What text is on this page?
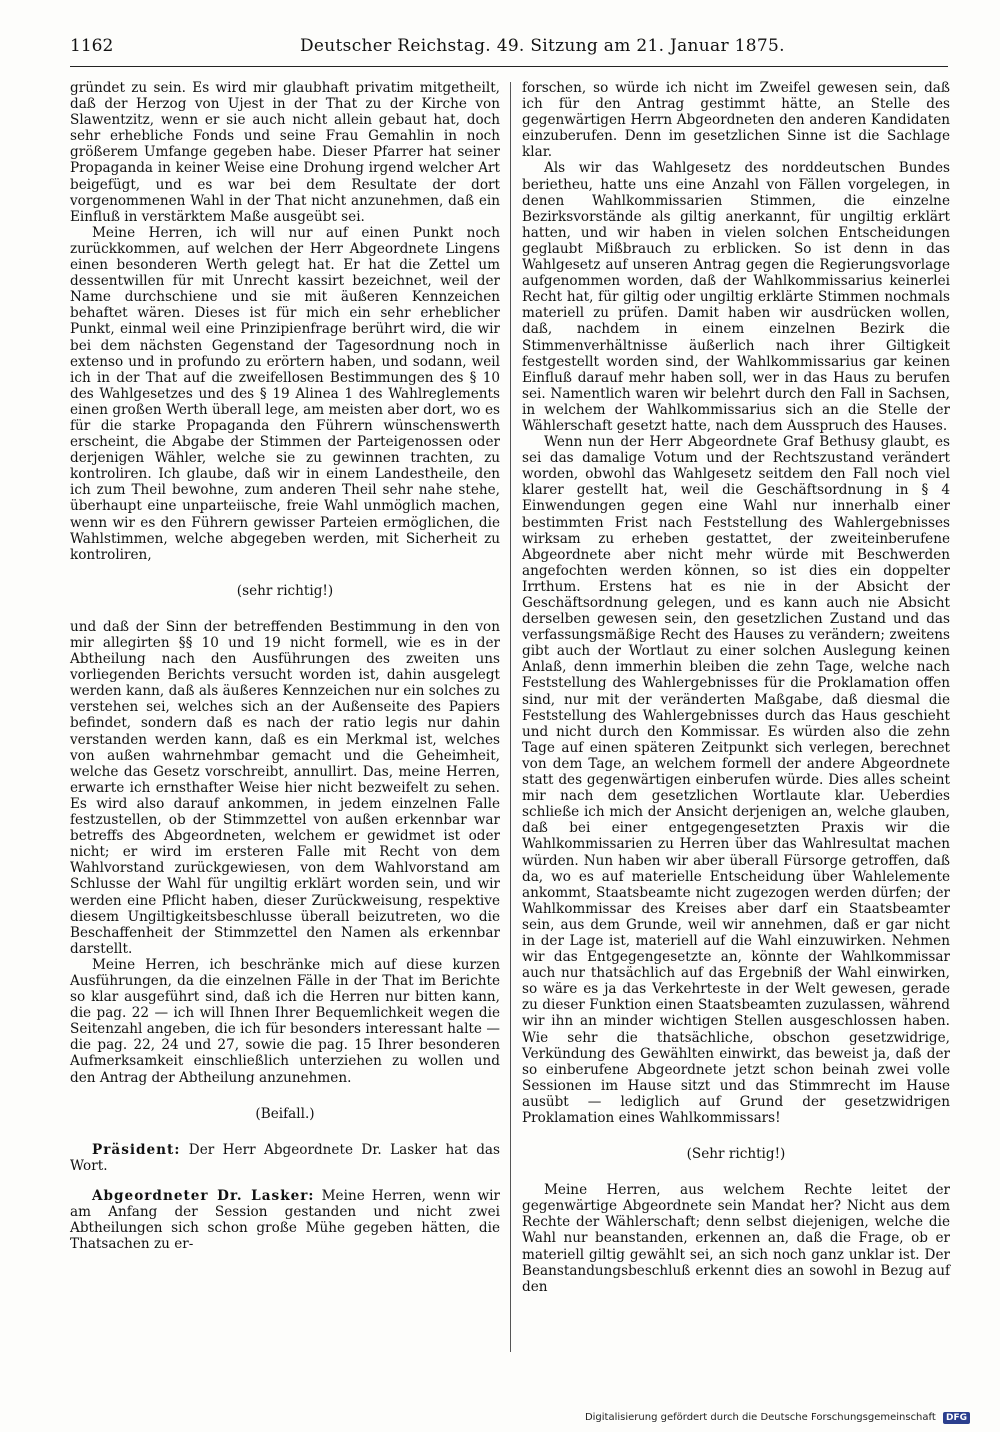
1162	Deutscher Reichstag. 49. Sitzung am 21. Januar 1875.

gründet zu sein. Es wird mir glaubhaft privatim mitgetheilt, daß der Herzog von Ujest in der That zu der Kirche von Slawentzitz, wenn er sie auch nicht allein gebaut hat, doch sehr erhebliche Fonds und seine Frau Gemahlin in noch größerem Umfange gegeben habe. Dieser Pfarrer hat seiner Propaganda in keiner Weise eine Drohung irgend welcher Art beigefügt, und es war bei dem Resultate der dort vorgenommenen Wahl in der That nicht anzunehmen, daß ein Einfluß in verstärktem Maße ausgeübt sei.

Meine Herren, ich will nur auf einen Punkt noch zurückkommen, auf welchen der Herr Abgeordnete Lingens einen besonderen Werth gelegt hat. Er hat die Zettel um dessentwillen für mit Unrecht kassirt bezeichnet, weil der Name durchschiene und sie mit äußeren Kennzeichen behaftet wären. Dieses ist für mich ein sehr erheblicher Punkt, einmal weil eine Prinzipienfrage berührt wird, die wir bei dem nächsten Gegenstand der Tagesordnung noch in extenso und in profundo zu erörtern haben, und sodann, weil ich in der That auf die zweifellosen Bestimmungen des § 10 des Wahlgesetzes und des § 19 Alinea 1 des Wahlreglements einen großen Werth überall lege, am meisten aber dort, wo es für die starke Propaganda den Führern wünschenswerth erscheint, die Abgabe der Stimmen der Parteigenossen oder derjenigen Wähler, welche sie zu gewinnen trachten, zu kontroliren. Ich glaube, daß wir in einem Landestheile, den ich zum Theil bewohne, zum anderen Theil sehr nahe stehe, überhaupt eine unparteiische, freie Wahl unmöglich machen, wenn wir es den Führern gewisser Parteien ermöglichen, die Wahlstimmen, welche abgegeben werden, mit Sicherheit zu kontroliren,

(sehr richtig!)

und daß der Sinn der betreffenden Bestimmung in den von mir allegirten §§ 10 und 19 nicht formell, wie es in der Abtheilung nach den Ausführungen des zweiten uns vorliegenden Berichts versucht worden ist, dahin ausgelegt werden kann, daß als äußeres Kennzeichen nur ein solches zu verstehen sei, welches sich an der Außenseite des Papiers befindet, sondern daß es nach der ratio legis nur dahin verstanden werden kann, daß es ein Merkmal ist, welches von außen wahrnehmbar gemacht und die Geheimheit, welche das Gesetz vorschreibt, annullirt. Das, meine Herren, erwarte ich ernsthafter Weise hier nicht bezweifelt zu sehen. Es wird also darauf ankommen, in jedem einzelnen Falle festzustellen, ob der Stimmzettel von außen erkennbar war betreffs des Abgeordneten, welchem er gewidmet ist oder nicht; er wird im ersteren Falle mit Recht von dem Wahlvorstand zurückgewiesen, von dem Wahlvorstand am Schlusse der Wahl für ungiltig erklärt worden sein, und wir werden eine Pflicht haben, dieser Zurückweisung, respektive diesem Ungiltigkeitsbeschlusse überall beizutreten, wo die Beschaffenheit der Stimmzettel den Namen als erkennbar darstellt.

Meine Herren, ich beschränke mich auf diese kurzen Ausführungen, da die einzelnen Fälle in der That im Berichte so klar ausgeführt sind, daß ich die Herren nur bitten kann, die pag. 22 — ich will Ihnen Ihrer Bequemlichkeit wegen die Seitenzahl angeben, die ich für besonders interessant halte — die pag. 22, 24 und 27, sowie die pag. 15 Ihrer besonderen Aufmerksamkeit einschließlich unterziehen zu wollen und den Antrag der Abtheilung anzunehmen.

(Beifall.)

Präsident: Der Herr Abgeordnete Dr. Lasker hat das Wort.

Abgeordneter Dr. Lasker: Meine Herren, wenn wir am Anfang der Session gestanden und nicht zwei Abtheilungen sich schon große Mühe gegeben hätten, die Thatsachen zu er-

forschen, so würde ich nicht im Zweifel gewesen sein, daß ich für den Antrag gestimmt hätte, an Stelle des gegenwärtigen Herrn Abgeordneten den anderen Kandidaten einzuberufen. Denn im gesetzlichen Sinne ist die Sachlage klar.

Als wir das Wahlgesetz des norddeutschen Bundes berietheu, hatte uns eine Anzahl von Fällen vorgelegen, in denen Wahlkommissarien Stimmen, die einzelne Bezirksvorstände als giltig anerkannt, für ungiltig erklärt hatten, und wir haben in vielen solchen Entscheidungen geglaubt Mißbrauch zu erblicken. So ist denn in das Wahlgesetz auf unseren Antrag gegen die Regierungsvorlage aufgenommen worden, daß der Wahlkommissarius keinerlei Recht hat, für giltig oder ungiltig erklärte Stimmen nochmals materiell zu prüfen. Damit haben wir ausdrücken wollen, daß, nachdem in einem einzelnen Bezirk die Stimmenverhältnisse äußerlich nach ihrer Giltigkeit festgestellt worden sind, der Wahlkommissarius gar keinen Einfluß darauf mehr haben soll, wer in das Haus zu berufen sei. Namentlich waren wir belehrt durch den Fall in Sachsen, in welchem der Wahlkommissarius sich an die Stelle der Wählerschaft gesetzt hatte, nach dem Ausspruch des Hauses.

Wenn nun der Herr Abgeordnete Graf Bethusy glaubt, es sei das damalige Votum und der Rechtszustand verändert worden, obwohl das Wahlgesetz seitdem den Fall noch viel klarer gestellt hat, weil die Geschäftsordnung in § 4 Einwendungen gegen eine Wahl nur innerhalb einer bestimmten Frist nach Feststellung des Wahlergebnisses wirksam zu erheben gestattet, der zweiteinberufene Abgeordnete aber nicht mehr würde mit Beschwerden angefochten werden können, so ist dies ein doppelter Irrthum. Erstens hat es nie in der Absicht der Geschäftsordnung gelegen, und es kann auch nie Absicht derselben gewesen sein, den gesetzlichen Zustand und das verfassungsmäßige Recht des Hauses zu verändern; zweitens gibt auch der Wortlaut zu einer solchen Auslegung keinen Anlaß, denn immerhin bleiben die zehn Tage, welche nach Feststellung des Wahlergebnisses für die Proklamation offen sind, nur mit der veränderten Maßgabe, daß diesmal die Feststellung des Wahlergebnisses durch das Haus geschieht und nicht durch den Kommissar. Es würden also die zehn Tage auf einen späteren Zeitpunkt sich verlegen, berechnet von dem Tage, an welchem formell der andere Abgeordnete statt des gegenwärtigen einberufen würde. Dies alles scheint mir nach dem gesetzlichen Wortlaute klar. Ueberdies schließe ich mich der Ansicht derjenigen an, welche glauben, daß bei einer entgegengesetzten Praxis wir die Wahlkommissarien zu Herren über das Wahlresultat machen würden. Nun haben wir aber überall Fürsorge getroffen, daß da, wo es auf materielle Entscheidung über Wahlelemente ankommt, Staatsbeamte nicht zugezogen werden dürfen; der Wahlkommissar des Kreises aber darf ein Staatsbeamter sein, aus dem Grunde, weil wir annehmen, daß er gar nicht in der Lage ist, materiell auf die Wahl einzuwirken. Nehmen wir das Entgegengesetzte an, könnte der Wahlkommissar auch nur thatsächlich auf das Ergebniß der Wahl einwirken, so wäre es ja das Verkehrteste in der Welt gewesen, gerade zu dieser Funktion einen Staatsbeamten zuzulassen, während wir ihn an minder wichtigen Stellen ausgeschlossen haben. Wie sehr die thatsächliche, obschon gesetzwidrige, Verkündung des Gewählten einwirkt, das beweist ja, daß der so einberufene Abgeordnete jetzt schon beinah zwei volle Sessionen im Hause sitzt und das Stimmrecht im Hause ausübt — lediglich auf Grund der gesetzwidrigen Proklamation eines Wahlkommissars!

(Sehr richtig!)

Meine Herren, aus welchem Rechte leitet der gegenwärtige Abgeordnete sein Mandat her? Nicht aus dem Rechte der Wählerschaft; denn selbst diejenigen, welche die Wahl nur beanstanden, erkennen an, daß die Frage, ob er materiell giltig gewählt sei, an sich noch ganz unklar ist. Der Beanstandungsbeschluß erkennt dies an sowohl in Bezug auf den

Digitalisierung gefördert durch die Deutsche Forschungsgemeinschaft DFG
